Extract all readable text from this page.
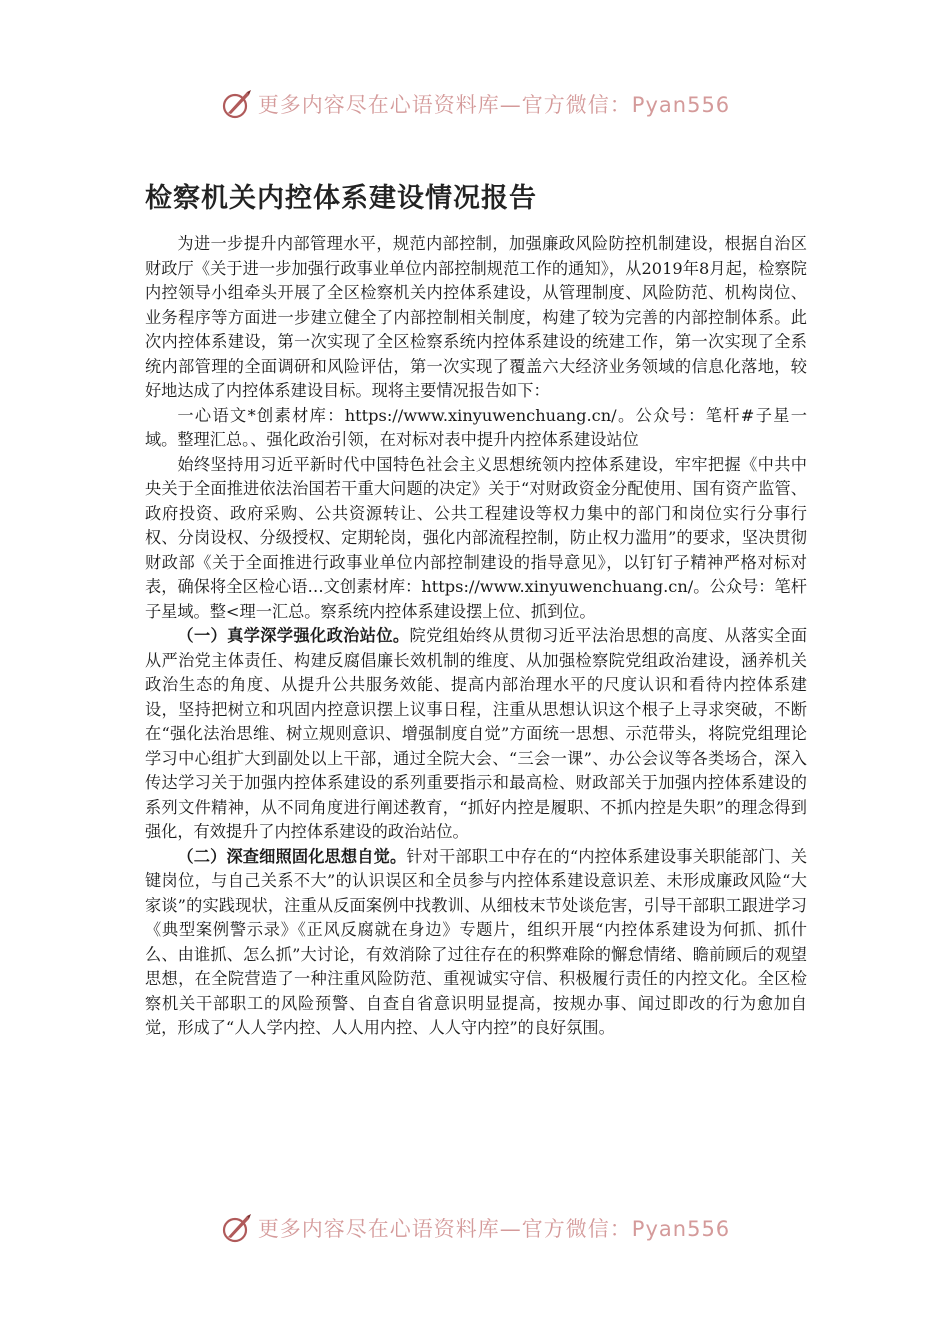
更多内容尽在心语资料库—官方微信：Pyan556
检察机关内控体系建设情况报告

为进一步提升内部管理水平，规范内部控制，加强廉政风险防控机制建设，根据自治区财政厅《关于进一步加强行政事业单位内部控制规范工作的通知》，从2019年8月起，检察院内控领导小组牵头开展了全区检察机关内控体系建设，从管理制度、风险防范、机构岗位、业务程序等方面进一步建立健全了内部控制相关制度，构建了较为完善的内部控制体系。此次内控体系建设，第一次实现了全区检察系统内控体系建设的统建工作，第一次实现了全系统内部管理的全面调研和风险评估，第一次实现了覆盖六大经济业务领域的信息化落地，较好地达成了内控体系建设目标。现将主要情况报告如下：

一心语文*创素材库：https://www.xinyuwenchuang.cn/。公众号：笔杆#子星一域。整理汇总。、强化政治引领，在对标对表中提升内控体系建设站位

始终坚持用习近平新时代中国特色社会主义思想统领内控体系建设，牢牢把握《中共中央关于全面推进依法治国若干重大问题的决定》关于“对财政资金分配使用、国有资产监管、政府投资、政府采购、公共资源转让、公共工程建设等权力集中的部门和岗位实行分事行权、分岗设权、分级授权、定期轮岗，强化内部流程控制，防止权力滥用”的要求，坚决贯彻财政部《关于全面推进行政事业单位内部控制建设的指导意见》，以钉钉子精神严格对标对表，确保将全区检心语…文创素材库：https://www.xinyuwenchuang.cn/。公众号：笔杆子星域。整<理一汇总。察系统内控体系建设摆上位、抓到位。

（一）真学深学强化政治站位。院党组始终从贯彻习近平法治思想的高度、从落实全面从严治党主体责任、构建反腐倡廉长效机制的维度、从加强检察院党组政治建设，涵养机关政治生态的角度、从提升公共服务效能、提高内部治理水平的尺度认识和看待内控体系建设，坚持把树立和巩固内控意识摆上议事日程，注重从思想认识这个根子上寻求突破，不断在“强化法治思维、树立规则意识、增强制度自觉”方面统一思想、示范带头，将院党组理论学习中心组扩大到副处以上干部，通过全院大会、“三会一课”、办公会议等各类场合，深入传达学习关于加强内控体系建设的系列重要指示和最高检、财政部关于加强内控体系建设的系列文件精神，从不同角度进行阐述教育，“抓好内控是履职、不抓内控是失职”的理念得到强化，有效提升了内控体系建设的政治站位。

（二）深查细照固化思想自觉。针对干部职工中存在的“内控体系建设事关职能部门、关键岗位，与自己关系不大”的认识误区和全员参与内控体系建设意识差、未形成廉政风险“大家谈”的实践现状，注重从反面案例中找教训、从细枝末节处谈危害，引导干部职工跟进学习《典型案例警示录》《正风反腐就在身边》专题片，组织开展“内控体系建设为何抓、抓什么、由谁抓、怎么抓”大讨论，有效消除了过往存在的积弊难除的懈怠情绪、瞻前顾后的观望思想，在全院营造了一种注重风险防范、重视诚实守信、积极履行责任的内控文化。全区检察机关干部职工的风险预警、自查自省意识明显提高，按规办事、闻过即改的行为愈加自觉，形成了“人人学内控、人人用内控、人人守内控”的良好氛围。

更多内容尽在心语资料库—官方微信：Pyan556
